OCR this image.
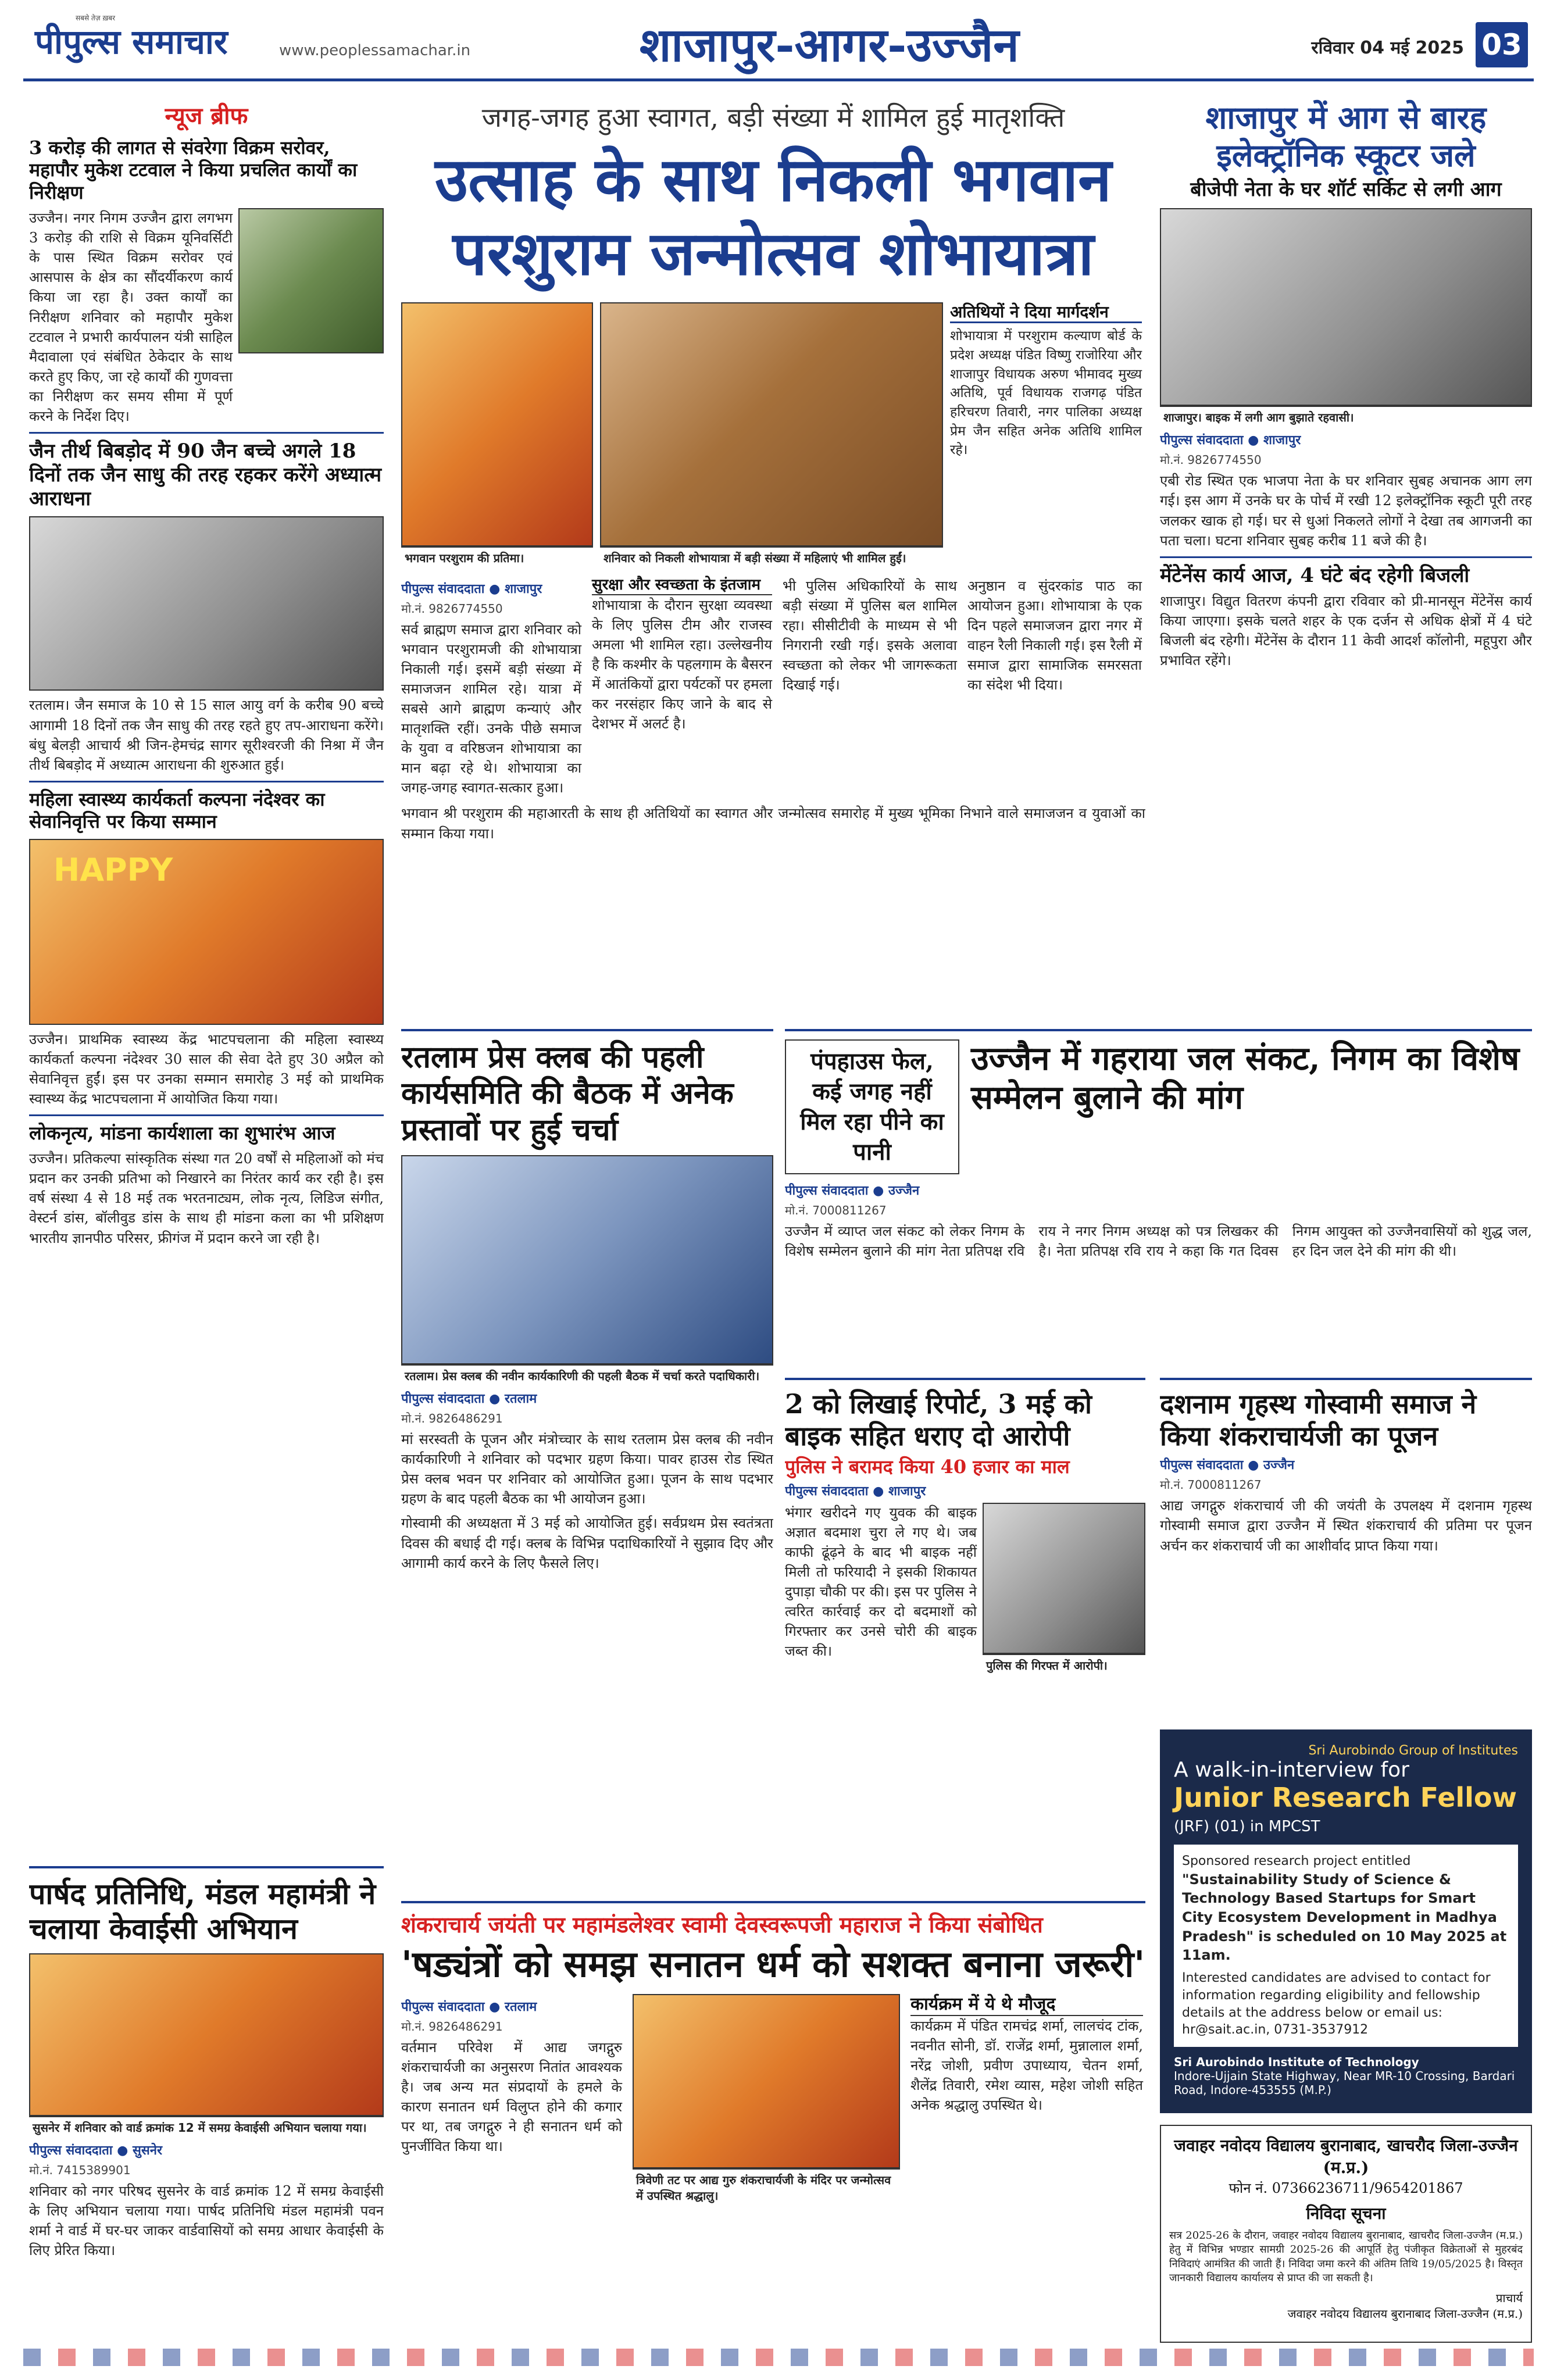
सबसे तेज़ ख़बर
पीपुल्स समाचार	www.peoplessamachar.in	शाजापुर-आगर-उज्जैन	रविवार 04 मई 2025 03
न्यूज ब्रीफ
3 करोड़ की लागत से संवरेगा विक्रम सरोवर, महापौर मुकेश टटवाल ने किया प्रचलित कार्यों का निरीक्षण
उज्जैन। नगर निगम उज्जैन द्वारा लगभग 3 करोड़ की राशि से विक्रम यूनिवर्सिटी के पास स्थित विक्रम सरोवर एवं आसपास के क्षेत्र का सौंदर्यीकरण कार्य किया जा रहा है। उक्त कार्यों का निरीक्षण शनिवार को महापौर मुकेश टटवाल ने प्रभारी कार्यपालन यंत्री साहिल मैदावाला एवं संबंधित ठेकेदार के साथ करते हुए किए, जा रहे कार्यों की गुणवत्ता का निरीक्षण कर समय सीमा में पूर्ण करने के निर्देश दिए।
जैन तीर्थ बिबड़ोद में 90 जैन बच्चे अगले 18 दिनों तक जैन साधु की तरह रहकर करेंगे अध्यात्म आराधना
रतलाम। जैन समाज के 10 से 15 साल आयु वर्ग के करीब 90 बच्चे आगामी 18 दिनों तक जैन साधु की तरह रहते हुए तप-आराधना करेंगे। बंधु बेलड़ी आचार्य श्री जिन-हेमचंद्र सागर सूरीश्वरजी की निश्रा में जैन तीर्थ बिबड़ोद में अध्यात्म आराधना की शुरुआत हुई।
महिला स्वास्थ्य कार्यकर्ता कल्पना नंदेश्वर का सेवानिवृत्ति पर किया सम्मान
HAPPY
उज्जैन। प्राथमिक स्वास्थ्य केंद्र भाटपचलाना की महिला स्वास्थ्य कार्यकर्ता कल्पना नंदेश्वर 30 साल की सेवा देते हुए 30 अप्रैल को सेवानिवृत्त हुईं। इस पर उनका सम्मान समारोह 3 मई को प्राथमिक स्वास्थ्य केंद्र भाटपचलाना में आयोजित किया गया।
लोकनृत्य, मांडना कार्यशाला का शुभारंभ आज
उज्जैन। प्रतिकल्पा सांस्कृतिक संस्था गत 20 वर्षों से महिलाओं को मंच प्रदान कर उनकी प्रतिभा को निखारने का निरंतर कार्य कर रही है। इस वर्ष संस्था 4 से 18 मई तक भरतनाट्यम, लोक नृत्य, लिडिज संगीत, वेस्टर्न डांस, बॉलीवुड डांस के साथ ही मांडना कला का भी प्रशिक्षण भारतीय ज्ञानपीठ परिसर, फ्रीगंज में प्रदान करने जा रही है।
पार्षद प्रतिनिधि, मंडल महामंत्री ने चलाया केवाईसी अभियान
सुसनेर में शनिवार को वार्ड क्रमांक 12 में समग्र केवाईसी अभियान चलाया गया।
पीपुल्स संवाददाता ● सुसनेर
मो.नं. 7415389901
शनिवार को नगर परिषद सुसनेर के वार्ड क्रमांक 12 में समग्र केवाईसी के लिए अभियान चलाया गया। पार्षद प्रतिनिधि मंडल महामंत्री पवन शर्मा ने वार्ड में घर-घर जाकर वार्डवासियों को समग्र आधार केवाईसी के लिए प्रेरित किया।
जगह-जगह हुआ स्वागत, बड़ी संख्या में शामिल हुई मातृशक्ति
उत्साह के साथ निकली भगवान परशुराम जन्मोत्सव शोभायात्रा
भगवान परशुराम की प्रतिमा।	शनिवार को निकली शोभायात्रा में बड़ी संख्या में महिलाएं भी शामिल हुईं।
अतिथियों ने दिया मार्गदर्शन
शोभायात्रा में परशुराम कल्याण बोर्ड के प्रदेश अध्यक्ष पंडित विष्णु राजोरिया और शाजापुर विधायक अरुण भीमावद मुख्य अतिथि, पूर्व विधायक राजगढ़ पंडित हरिचरण तिवारी, नगर पालिका अध्यक्ष प्रेम जैन सहित अनेक अतिथि शामिल रहे।
पीपुल्स संवाददाता ● शाजापुर
मो.नं. 9826774550
सर्व ब्राह्मण समाज द्वारा शनिवार को भगवान परशुरामजी की शोभायात्रा निकाली गई। इसमें बड़ी संख्या में समाजजन शामिल रहे। यात्रा में सबसे आगे ब्राह्मण कन्याएं और मातृशक्ति रहीं। उनके पीछे समाज के युवा व वरिष्ठजन शोभायात्रा का मान बढ़ा रहे थे। शोभायात्रा का जगह-जगह स्वागत-सत्कार हुआ।
सुरक्षा और स्वच्छता के इंतजाम
शोभायात्रा के दौरान सुरक्षा व्यवस्था के लिए पुलिस टीम और राजस्व अमला भी शामिल रहा। उल्लेखनीय है कि कश्मीर के पहलगाम के बैसरन में आतंकियों द्वारा पर्यटकों पर हमला कर नरसंहार किए जाने के बाद से देशभर में अलर्ट है।
भी पुलिस अधिकारियों के साथ बड़ी संख्या में पुलिस बल शामिल रहा। सीसीटीवी के माध्यम से भी निगरानी रखी गई। इसके अलावा स्वच्छता को लेकर भी जागरूकता दिखाई गई।
अनुष्ठान व सुंदरकांड पाठ का आयोजन हुआ। शोभायात्रा के एक दिन पहले समाजजन द्वारा नगर में वाहन रैली निकाली गई। इस रैली में समाज द्वारा सामाजिक समरसता का संदेश भी दिया।
भगवान श्री परशुराम की महाआरती के साथ ही अतिथियों का स्वागत और जन्मोत्सव समारोह में मुख्य भूमिका निभाने वाले समाजजन व युवाओं का सम्मान किया गया।
शाजापुर में आग से बारह इलेक्ट्रॉनिक स्कूटर जले
बीजेपी नेता के घर शॉर्ट सर्किट से लगी आग
शाजापुर। बाइक में लगी आग बुझाते रहवासी।
पीपुल्स संवाददाता ● शाजापुर
मो.नं. 9826774550
एबी रोड स्थित एक भाजपा नेता के घर शनिवार सुबह अचानक आग लग गई। इस आग में उनके घर के पोर्च में रखी 12 इलेक्ट्रॉनिक स्कूटी पूरी तरह जलकर खाक हो गई। घर से धुआं निकलते लोगों ने देखा तब आगजनी का पता चला। घटना शनिवार सुबह करीब 11 बजे की है।
मेंटेनेंस कार्य आज, 4 घंटे बंद रहेगी बिजली
शाजापुर। विद्युत वितरण कंपनी द्वारा रविवार को प्री-मानसून मेंटेनेंस कार्य किया जाएगा। इसके चलते शहर के एक दर्जन से अधिक क्षेत्रों में 4 घंटे बिजली बंद रहेगी। मेंटेनेंस के दौरान 11 केवी आदर्श कॉलोनी, महूपुरा और प्रभावित रहेंगे।
रतलाम प्रेस क्लब की पहली कार्यसमिति की बैठक में अनेक प्रस्तावों पर हुई चर्चा
रतलाम। प्रेस क्लब की नवीन कार्यकारिणी की पहली बैठक में चर्चा करते पदाधिकारी।
पीपुल्स संवाददाता ● रतलाम
मो.नं. 9826486291
मां सरस्वती के पूजन और मंत्रोच्चार के साथ रतलाम प्रेस क्लब की नवीन कार्यकारिणी ने शनिवार को पदभार ग्रहण किया। पावर हाउस रोड स्थित प्रेस क्लब भवन पर शनिवार को आयोजित हुआ। पूजन के साथ पदभार ग्रहण के बाद पहली बैठक का भी आयोजन हुआ।
गोस्वामी की अध्यक्षता में 3 मई को आयोजित हुई। सर्वप्रथम प्रेस स्वतंत्रता दिवस की बधाई दी गई। क्लब के विभिन्न पदाधिकारियों ने सुझाव दिए और आगामी कार्य करने के लिए फैसले लिए।
पंपहाउस फेल, कई जगह नहीं मिल रहा पीने का पानी
उज्जैन में गहराया जल संकट, निगम का विशेष सम्मेलन बुलाने की मांग
पीपुल्स संवाददाता ● उज्जैन
मो.नं. 7000811267
उज्जैन में व्याप्त जल संकट को लेकर निगम के विशेष सम्मेलन बुलाने की मांग नेता प्रतिपक्ष रवि राय ने नगर निगम अध्यक्ष को पत्र लिखकर की है। नेता प्रतिपक्ष रवि राय ने कहा कि गत दिवस निगम आयुक्त को उज्जैनवासियों को शुद्ध जल, हर दिन जल देने की मांग की थी।
2 को लिखाई रिपोर्ट, 3 मई को बाइक सहित धराए दो आरोपी
पुलिस ने बरामद किया 40 हजार का माल
पीपुल्स संवाददाता ● शाजापुर
भंगार खरीदने गए युवक की बाइक अज्ञात बदमाश चुरा ले गए थे। जब काफी ढूंढ़ने के बाद भी बाइक नहीं मिली तो फरियादी ने इसकी शिकायत दुपाड़ा चौकी पर की। इस पर पुलिस ने त्वरित कार्रवाई कर दो बदमाशों को गिरफ्तार कर उनसे चोरी की बाइक जब्त की।
पुलिस की गिरफ्त में आरोपी।
दशनाम गृहस्थ गोस्वामी समाज ने किया शंकराचार्यजी का पूजन
पीपुल्स संवाददाता ● उज्जैन
मो.नं. 7000811267
आद्य जगद्गुरु शंकराचार्य जी की जयंती के उपलक्ष्य में दशनाम गृहस्थ गोस्वामी समाज द्वारा उज्जैन में स्थित शंकराचार्य की प्रतिमा पर पूजन अर्चन कर शंकराचार्य जी का आशीर्वाद प्राप्त किया गया।
Sri Aurobindo Group of Institutes
A walk-in-interview for
Junior Research Fellow
(JRF) (01) in MPCST
Sponsored research project entitled
"Sustainability Study of Science & Technology Based Startups for Smart City Ecosystem Development in Madhya Pradesh" is scheduled on 10 May 2025 at 11am.
Interested candidates are advised to contact for information regarding eligibility and fellowship details at the address below or email us: hr@sait.ac.in, 0731-3537912
Sri Aurobindo Institute of Technology
Indore-Ujjain State Highway, Near MR-10 Crossing, Bardari Road, Indore-453555 (M.P.)
शंकराचार्य जयंती पर महामंडलेश्वर स्वामी देवस्वरूपजी महाराज ने किया संबोधित
'षड्यंत्रों को समझ सनातन धर्म को सशक्त बनाना जरूरी'
पीपुल्स संवाददाता ● रतलाम
मो.नं. 9826486291
वर्तमान परिवेश में आद्य जगद्गुरु शंकराचार्यजी का अनुसरण नितांत आवश्यक है। जब अन्य मत संप्रदायों के हमले के कारण सनातन धर्म विलुप्त होने की कगार पर था, तब जगद्गुरु ने ही सनातन धर्म को पुनर्जीवित किया था।
त्रिवेणी तट पर आद्य गुरु शंकराचार्यजी के मंदिर पर जन्मोत्सव में उपस्थित श्रद्धालु।
कार्यक्रम में ये थे मौजूद
कार्यक्रम में पंडित रामचंद्र शर्मा, लालचंद टांक, नवनीत सोनी, डॉ. राजेंद्र शर्मा, मुन्नालाल शर्मा, नरेंद्र जोशी, प्रवीण उपाध्याय, चेतन शर्मा, शैलेंद्र तिवारी, रमेश व्यास, महेश जोशी सहित अनेक श्रद्धालु उपस्थित थे।
जवाहर नवोदय विद्यालय बुरानाबाद, खाचरौद जिला-उज्जैन (म.प्र.)
फोन नं. 07366236711/9654201867
निविदा सूचना
सत्र 2025-26 के दौरान, जवाहर नवोदय विद्यालय बुरानाबाद, खाचरौद जिला-उज्जैन (म.प्र.) हेतु में विभिन्न भण्डार सामग्री 2025-26 की आपूर्ति हेतु पंजीकृत विक्रेताओं से मुहरबंद निविदाएं आमंत्रित की जाती हैं। निविदा जमा करने की अंतिम तिथि 19/05/2025 है। विस्तृत जानकारी विद्यालय कार्यालय से प्राप्त की जा सकती है।
प्राचार्य
जवाहर नवोदय विद्यालय बुरानाबाद जिला-उज्जैन (म.प्र.)
